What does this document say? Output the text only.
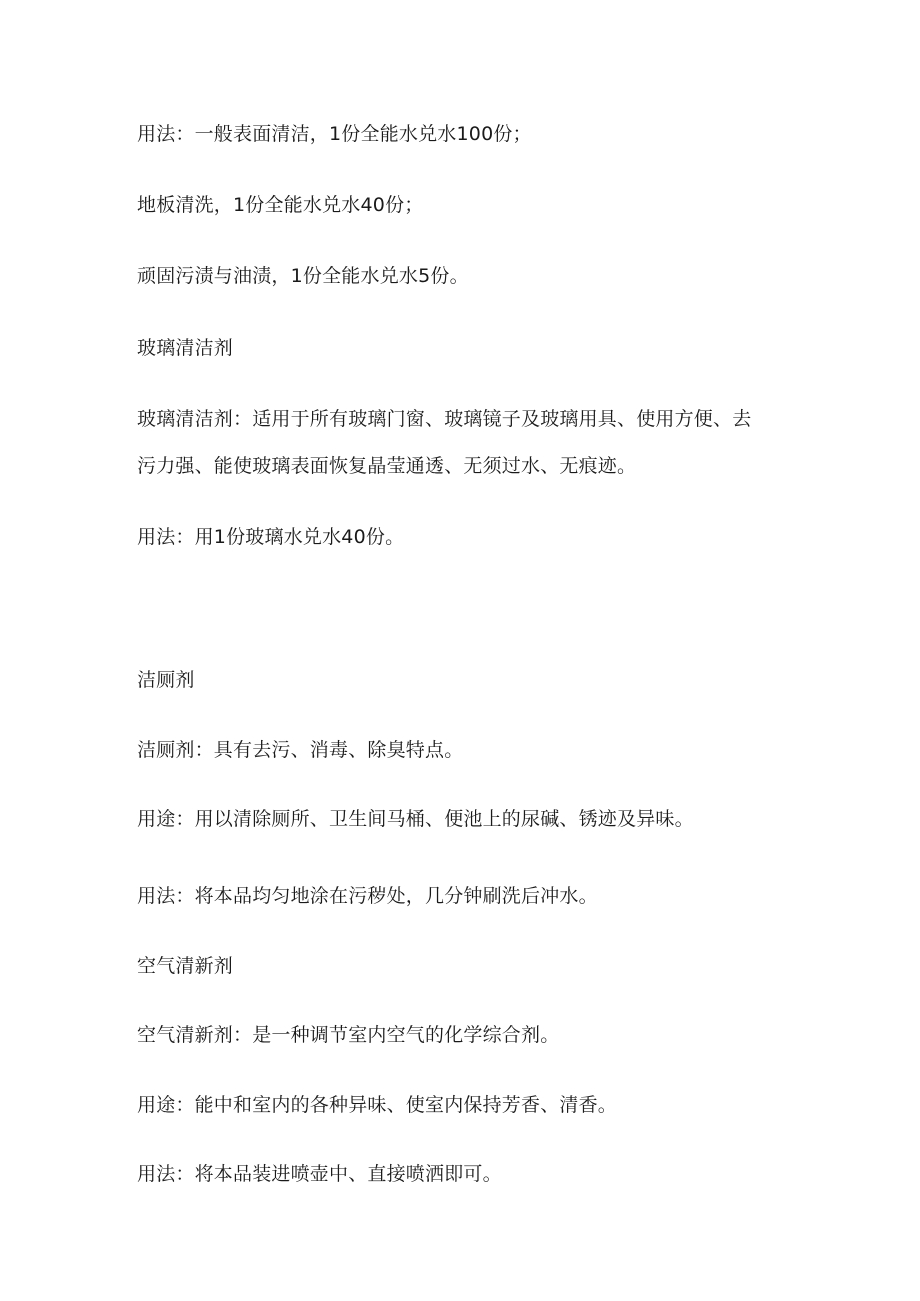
用法：一般表面清洁，1份全能水兑水100份；
地板清洗，1份全能水兑水40份；
顽固污渍与油渍，1份全能水兑水5份。
玻璃清洁剂
玻璃清洁剂：适用于所有玻璃门窗、玻璃镜子及玻璃用具、使用方便、去
污力强、能使玻璃表面恢复晶莹通透、无须过水、无痕迹。
用法：用1份玻璃水兑水40份。
洁厕剂
洁厕剂：具有去污、消毒、除臭特点。
用途：用以清除厕所、卫生间马桶、便池上的尿碱、锈迹及异味。
用法：将本品均匀地涂在污秽处，几分钟刷洗后冲水。
空气清新剂
空气清新剂：是一种调节室内空气的化学综合剂。
用途：能中和室内的各种异味、使室内保持芳香、清香。
用法：将本品装进喷壶中、直接喷洒即可。
